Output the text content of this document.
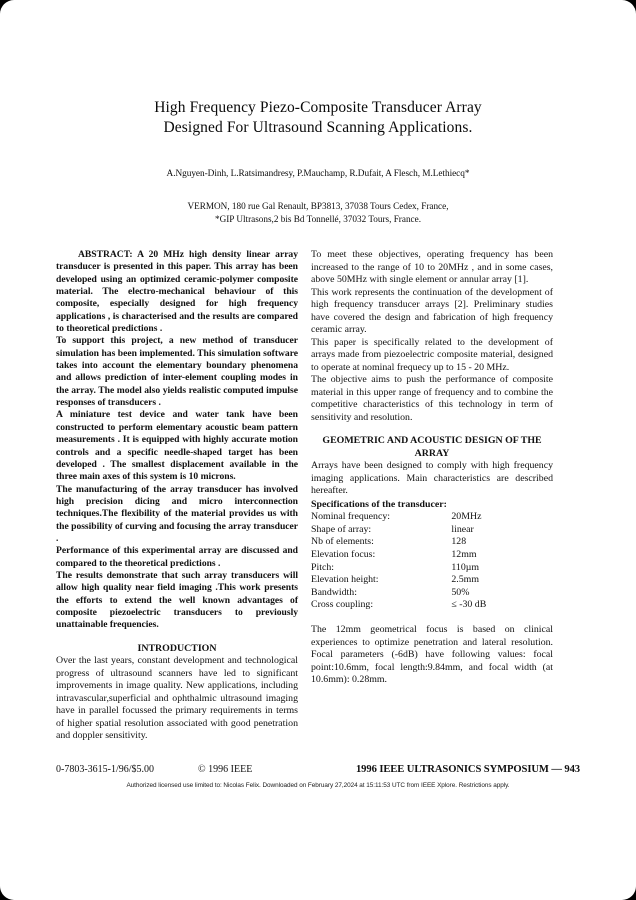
High Frequency Piezo-Composite Transducer Array
Designed For Ultrasound Scanning Applications.
A.Nguyen-Dinh, L.Ratsimandresy, P.Mauchamp, R.Dufait, A Flesch, M.Lethiecq*
VERMON, 180 rue Gal Renault, BP3813, 37038 Tours Cedex, France,
*GIP Ultrasons,2 bis Bd Tonnellé, 37032 Tours, France.

ABSTRACT: A 20 MHz high density linear array transducer is presented in this paper. This array has been developed using an optimized ceramic-polymer composite material. The electro-mechanical behaviour of this composite, especially designed for high frequency applications , is characterised and the results are compared to theoretical predictions .

To support this project, a new method of transducer simulation has been implemented. This simulation software takes into account the elementary boundary phenomena and allows prediction of inter-element coupling modes in the array. The model also yields realistic computed impulse responses of transducers .

A miniature test device and water tank have been constructed to perform elementary acoustic beam pattern measurements . It is equipped with highly accurate motion controls and a specific needle-shaped target has been developed . The smallest displacement available in the three main axes of this system is 10 microns.

The manufacturing of the array transducer has involved high precision dicing and micro interconnection techniques.The flexibility of the material provides us with the possibility of curving and focusing the array transducer .

Performance of this experimental array are discussed and compared to the theoretical predictions .

The results demonstrate that such array transducers will allow high quality near field imaging .This work presents the efforts to extend the well known advantages of composite piezoelectric transducers to previously unattainable frequencies.

INTRODUCTION

Over the last years, constant development and technological progress of ultrasound scanners have led to significant improvements in image quality. New applications, including intravascular,superficial and ophthalmic ultrasound imaging have in parallel focussed the primary requirements in terms of higher spatial resolution associated with good penetration and doppler sensitivity.

To meet these objectives, operating frequency has been increased to the range of 10 to 20MHz , and in some cases, above 50MHz with single element or annular array [1].

This work represents the continuation of the development of high frequency transducer arrays [2]. Preliminary studies have covered the design and fabrication of high frequency ceramic array.

This paper is specifically related to the development of arrays made from piezoelectric composite material, designed to operate at nominal frequecy up to 15 - 20 MHz.

The objective aims to push the performance of composite material in this upper range of frequency and to combine the competitive characteristics of this technology in term of sensitivity and resolution.

GEOMETRIC AND ACOUSTIC DESIGN OF THE
ARRAY

Arrays have been designed to comply with high frequency imaging applications. Main characteristics are described hereafter.

Specifications of the transducer:
Nominal frequency:	20MHz
Shape of array:	linear
Nb of elements:	128
Elevation focus:	12mm
Pitch:	110µm
Elevation height:	2.5mm
Bandwidth:	50%
Cross coupling:	≤ -30 dB

The 12mm geometrical focus is based on clinical experiences to optimize penetration and lateral resolution. Focal parameters (-6dB) have following values: focal point:10.6mm, focal length:9.84mm, and focal width (at 10.6mm): 0.28mm.

0-7803-3615-1/96/$5.00	© 1996 IEEE	1996 IEEE ULTRASONICS SYMPOSIUM — 943
Authorized licensed use limited to: Nicolas Felix. Downloaded on February 27,2024 at 15:11:53 UTC from IEEE Xplore. Restrictions apply.
